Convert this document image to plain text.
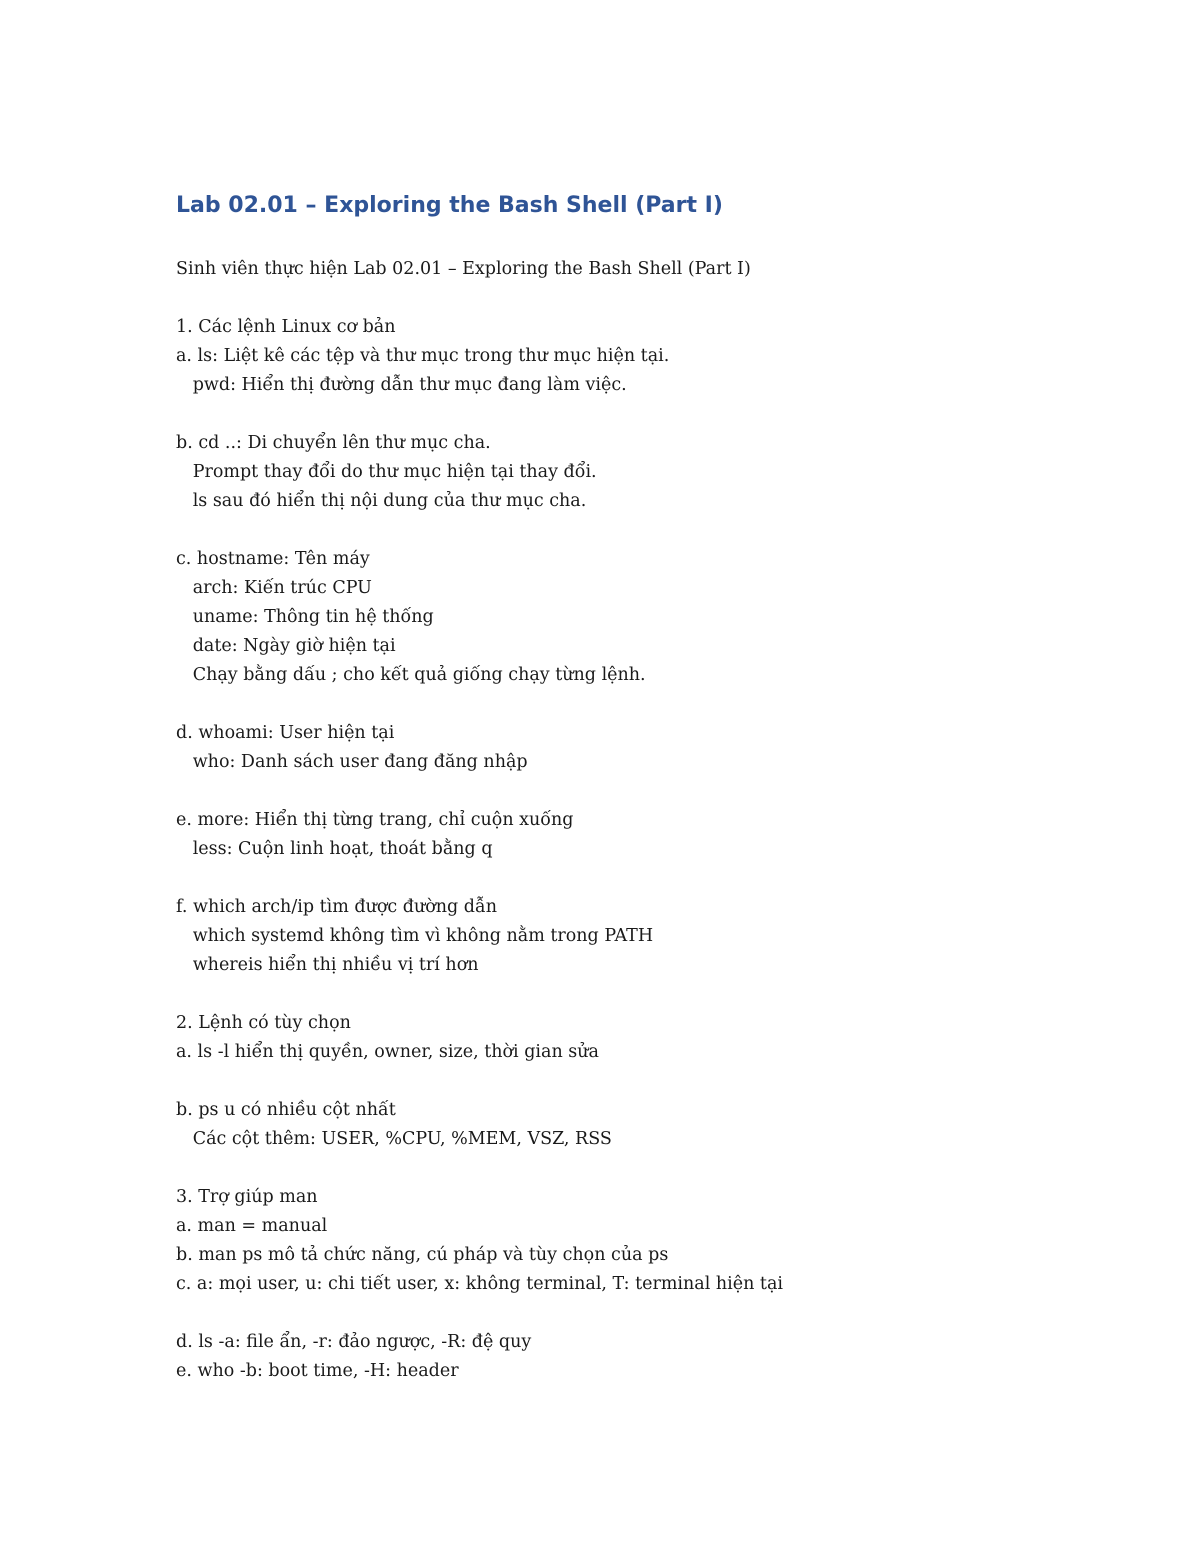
Lab 02.01 – Exploring the Bash Shell (Part I)
Sinh viên thực hiện Lab 02.01 – Exploring the Bash Shell (Part I)
1. Các lệnh Linux cơ bản
a. ls: Liệt kê các tệp và thư mục trong thư mục hiện tại.
pwd: Hiển thị đường dẫn thư mục đang làm việc.
b. cd ..: Di chuyển lên thư mục cha.
Prompt thay đổi do thư mục hiện tại thay đổi.
ls sau đó hiển thị nội dung của thư mục cha.
c. hostname: Tên máy
arch: Kiến trúc CPU
uname: Thông tin hệ thống
date: Ngày giờ hiện tại
Chạy bằng dấu ; cho kết quả giống chạy từng lệnh.
d. whoami: User hiện tại
who: Danh sách user đang đăng nhập
e. more: Hiển thị từng trang, chỉ cuộn xuống
less: Cuộn linh hoạt, thoát bằng q
f. which arch/ip tìm được đường dẫn
which systemd không tìm vì không nằm trong PATH
whereis hiển thị nhiều vị trí hơn
2. Lệnh có tùy chọn
a. ls -l hiển thị quyền, owner, size, thời gian sửa
b. ps u có nhiều cột nhất
Các cột thêm: USER, %CPU, %MEM, VSZ, RSS
3. Trợ giúp man
a. man = manual
b. man ps mô tả chức năng, cú pháp và tùy chọn của ps
c. a: mọi user, u: chi tiết user, x: không terminal, T: terminal hiện tại
d. ls -a: file ẩn, -r: đảo ngược, -R: đệ quy
e. who -b: boot time, -H: header
